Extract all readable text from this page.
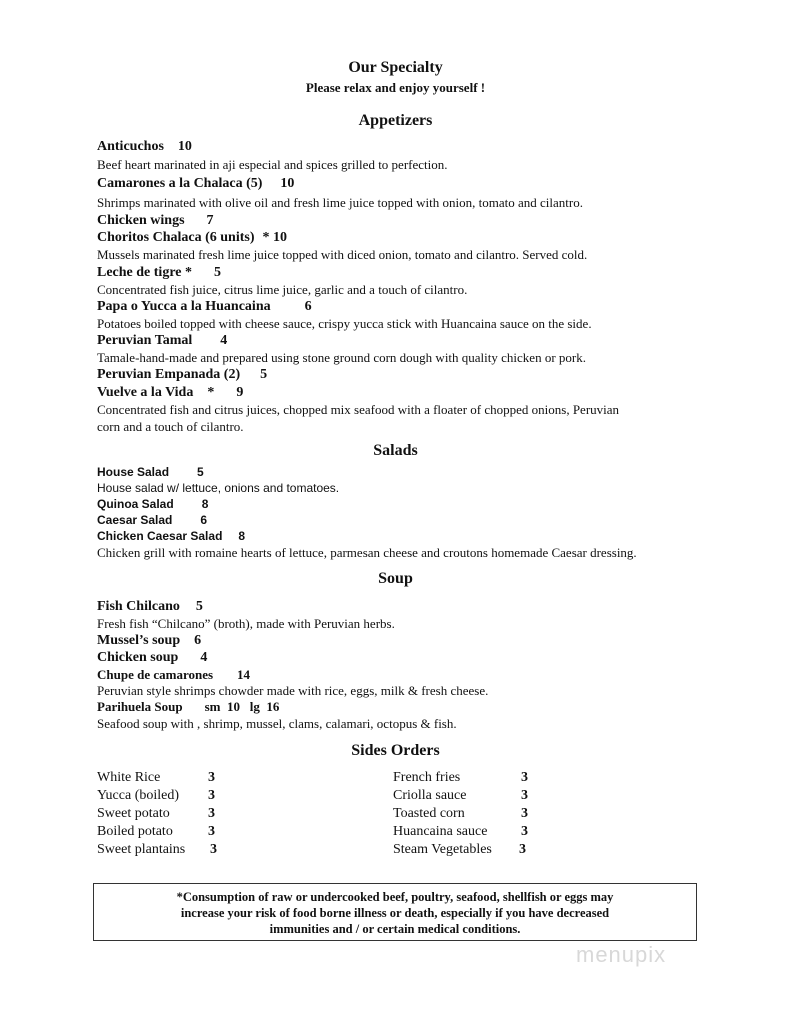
Our Specialty
Please relax and enjoy yourself !
Appetizers
Anticuchos 10
Beef heart marinated in aji especial and spices grilled to perfection.
Camarones a la Chalaca (5) 10
Shrimps marinated with olive oil and fresh lime juice topped with onion, tomato and cilantro.
Chicken wings 7
Choritos Chalaca (6 units) * 10
Mussels marinated fresh lime juice topped with diced onion, tomato and cilantro. Served cold.
Leche de tigre * 5
Concentrated fish juice, citrus lime juice, garlic and a touch of cilantro.
Papa o Yucca a la Huancaina 6
Potatoes boiled topped with cheese sauce, crispy yucca stick with Huancaina sauce on the side.
Peruvian Tamal 4
Tamale-hand-made and prepared using stone ground corn dough with quality chicken or pork.
Peruvian Empanada (2) 5
Vuelve a la Vida * 9
Concentrated fish and citrus juices, chopped mix seafood with a floater of chopped onions, Peruvian
corn and a touch of cilantro.
Salads
House Salad 5
House salad w/ lettuce, onions and tomatoes.
Quinoa Salad 8
Caesar Salad 6
Chicken Caesar Salad 8
Chicken grill with romaine hearts of lettuce, parmesan cheese and croutons homemade Caesar dressing.
Soup
Fish Chilcano 5
Fresh fish “Chilcano” (broth), made with Peruvian herbs.
Mussel’s soup 6
Chicken soup 4
Chupe de camarones 14
Peruvian style shrimps chowder made with rice, eggs, milk & fresh cheese.
Parihuela Soup sm  10   lg  16
Seafood soup with , shrimp, mussel, clams, calamari, octopus & fish.
Sides Orders
White Rice	3
Yucca (boiled) 3
Sweet potato	3
Boiled potato	3
Sweet plantains 3
French fries	3
Criolla sauce	3
Toasted corn	3
Huancaina sauce 3
Steam Vegetables 3
*Consumption of raw or undercooked beef, poultry, seafood, shellfish or eggs may
increase your risk of food borne illness or death, especially if you have decreased
immunities and / or certain medical conditions.
menupix
